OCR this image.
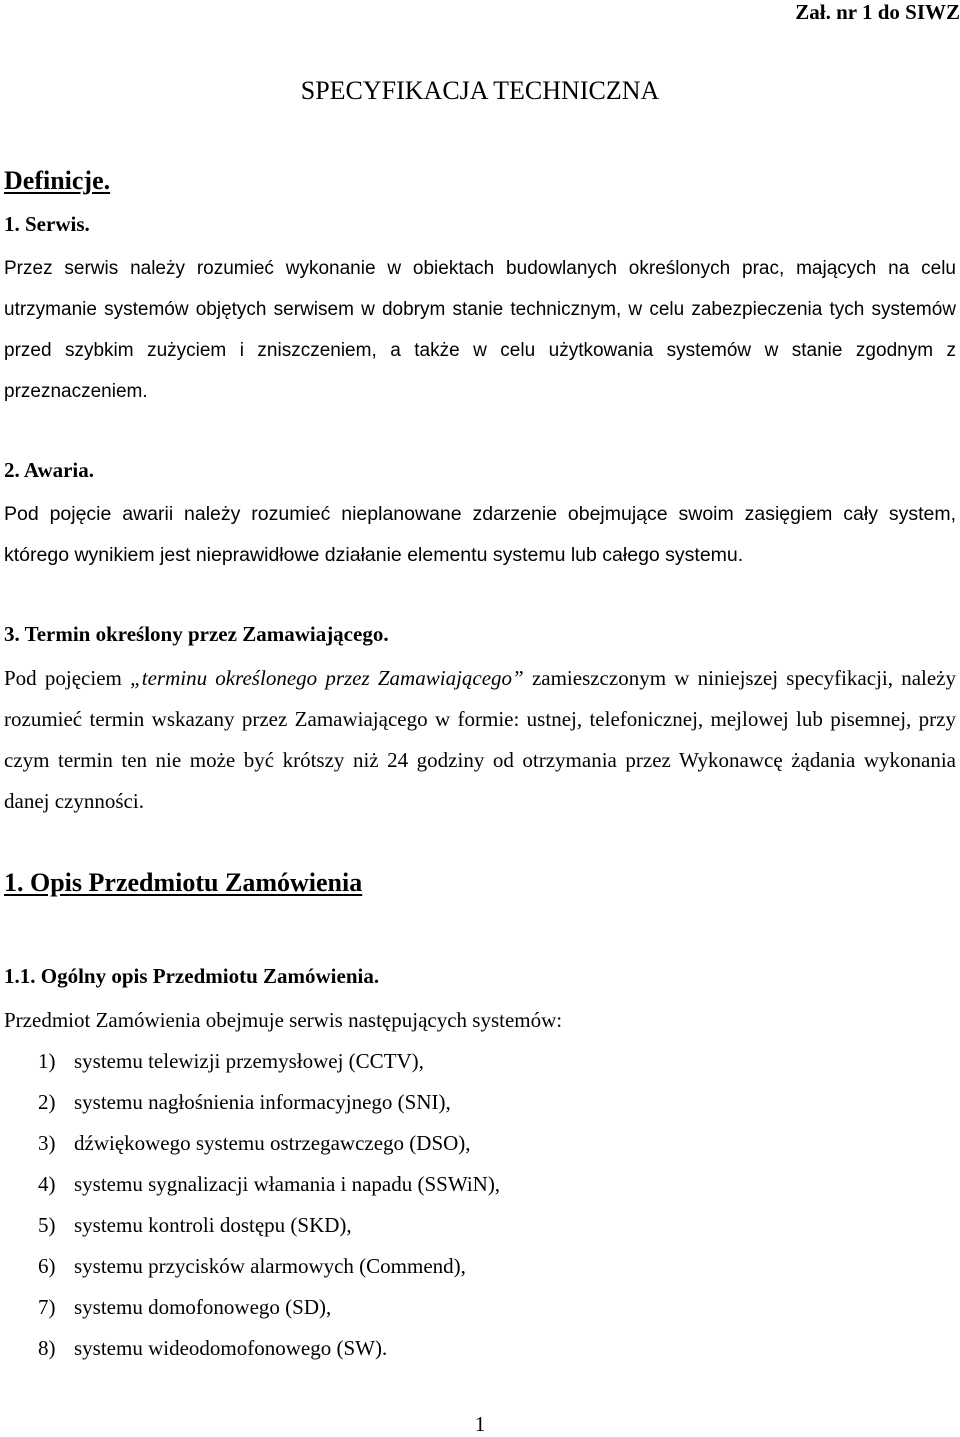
Zał. nr 1 do SIWZ
SPECYFIKACJA TECHNICZNA
Definicje.
1. Serwis.

Przez serwis należy rozumieć wykonanie w obiektach budowlanych określonych prac, mających na celu utrzymanie systemów objętych serwisem w dobrym stanie technicznym, w celu zabezpieczenia tych systemów przed szybkim zużyciem i zniszczeniem, a także w celu użytkowania systemów w stanie zgodnym z przeznaczeniem.

2. Awaria.

Pod pojęcie awarii należy rozumieć nieplanowane zdarzenie obejmujące swoim zasięgiem cały system, którego wynikiem jest nieprawidłowe działanie elementu systemu lub całego systemu.

3. Termin określony przez Zamawiającego.

Pod pojęciem „terminu określonego przez Zamawiającego” zamieszczonym w niniejszej specyfikacji, należy rozumieć termin wskazany przez Zamawiającego w formie: ustnej, telefonicznej, mejlowej lub pisemnej, przy czym termin ten nie może być krótszy niż 24 godziny od otrzymania przez Wykonawcę żądania wykonania danej czynności.

1. Opis Przedmiotu Zamówienia
1.1. Ogólny opis Przedmiotu Zamówienia.
Przedmiot Zamówienia obejmuje serwis następujących systemów:
1) systemu telewizji przemysłowej (CCTV),
2) systemu nagłośnienia informacyjnego (SNI),
3) dźwiękowego systemu ostrzegawczego (DSO),
4) systemu sygnalizacji włamania i napadu (SSWiN),
5) systemu kontroli dostępu (SKD),
6) systemu przycisków alarmowych (Commend),
7) systemu domofonowego (SD),
8) systemu wideodomofonowego (SW).
1
